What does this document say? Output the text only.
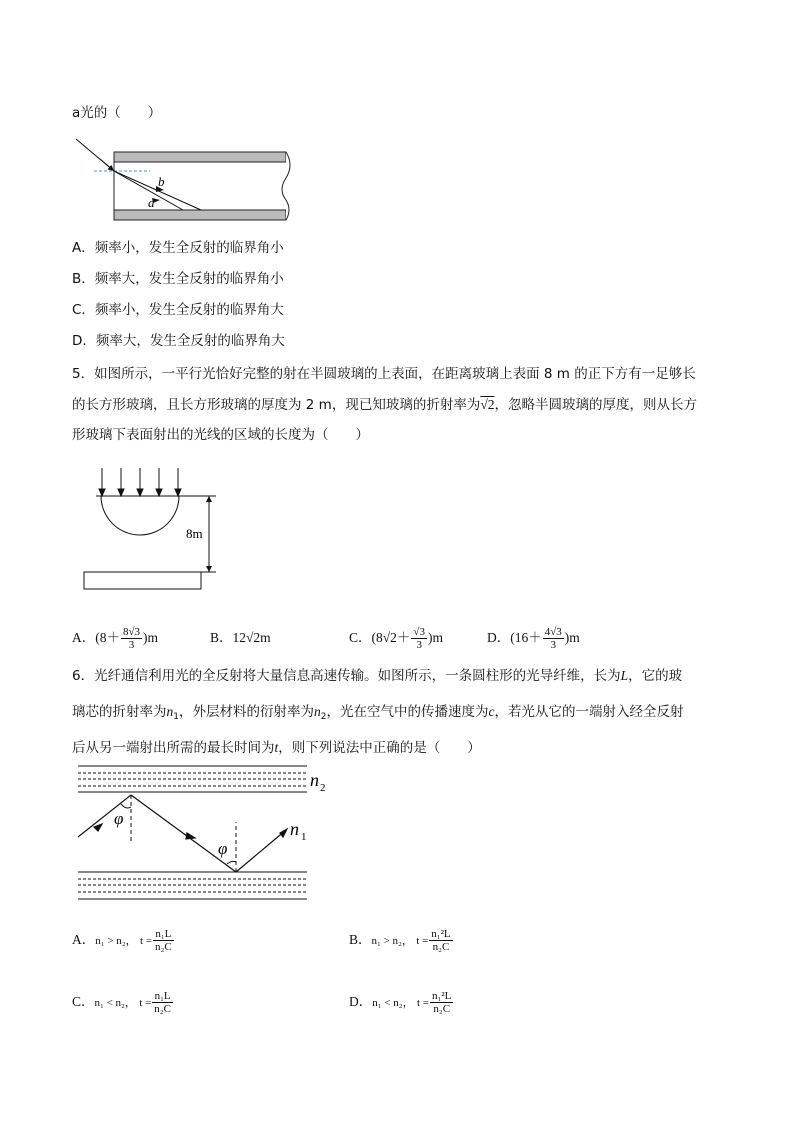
a光的（　　）
b
a
A．频率小，发生全反射的临界角小
B．频率大，发生全反射的临界角小
C．频率小，发生全反射的临界角大
D．频率大，发生全反射的临界角大
5．如图所示，一平行光恰好完整的射在半圆玻璃的上表面，在距离玻璃上表面 8 m 的正下方有一足够长
的长方形玻璃，且长方形玻璃的厚度为 2 m，现已知玻璃的折射率为√2，忽略半圆玻璃的厚度，则从长方
形玻璃下表面射出的光线的区域的长度为（　　）
8m
A．$(8+ \frac{8√3}{3} )m$	B．12√2m	C．$(8√2+ \frac{√3}{3} )m$	D．$(16+ \frac{4√3}{3} )m$
6．光纤通信利用光的全反射将大量信息高速传输。如图所示，一条圆柱形的光导纤维，长为L，它的玻
璃芯的折射率为$n_1$，外层材料的衍射率为$n_2$，光在空气中的传播速度为c，若光从它的一端射入经全反射
后从另一端射出所需的最长时间为t，则下列说法中正确的是（　　）
n 2
n 1
φ
φ
A．n₁ > n₂， $t = \frac{\text{n₁L}}{\text{n₂C}}$	B．n₁ > n₂， $t = \frac{\text{n₁²L}}{\text{n₂C}}$
C．n₁ < n₂， $t = \frac{\text{n₁L}}{\text{n₂C}}$	D．n₁ < n₂， $t = \frac{\text{n₁²L}}{\text{n₂C}}$
